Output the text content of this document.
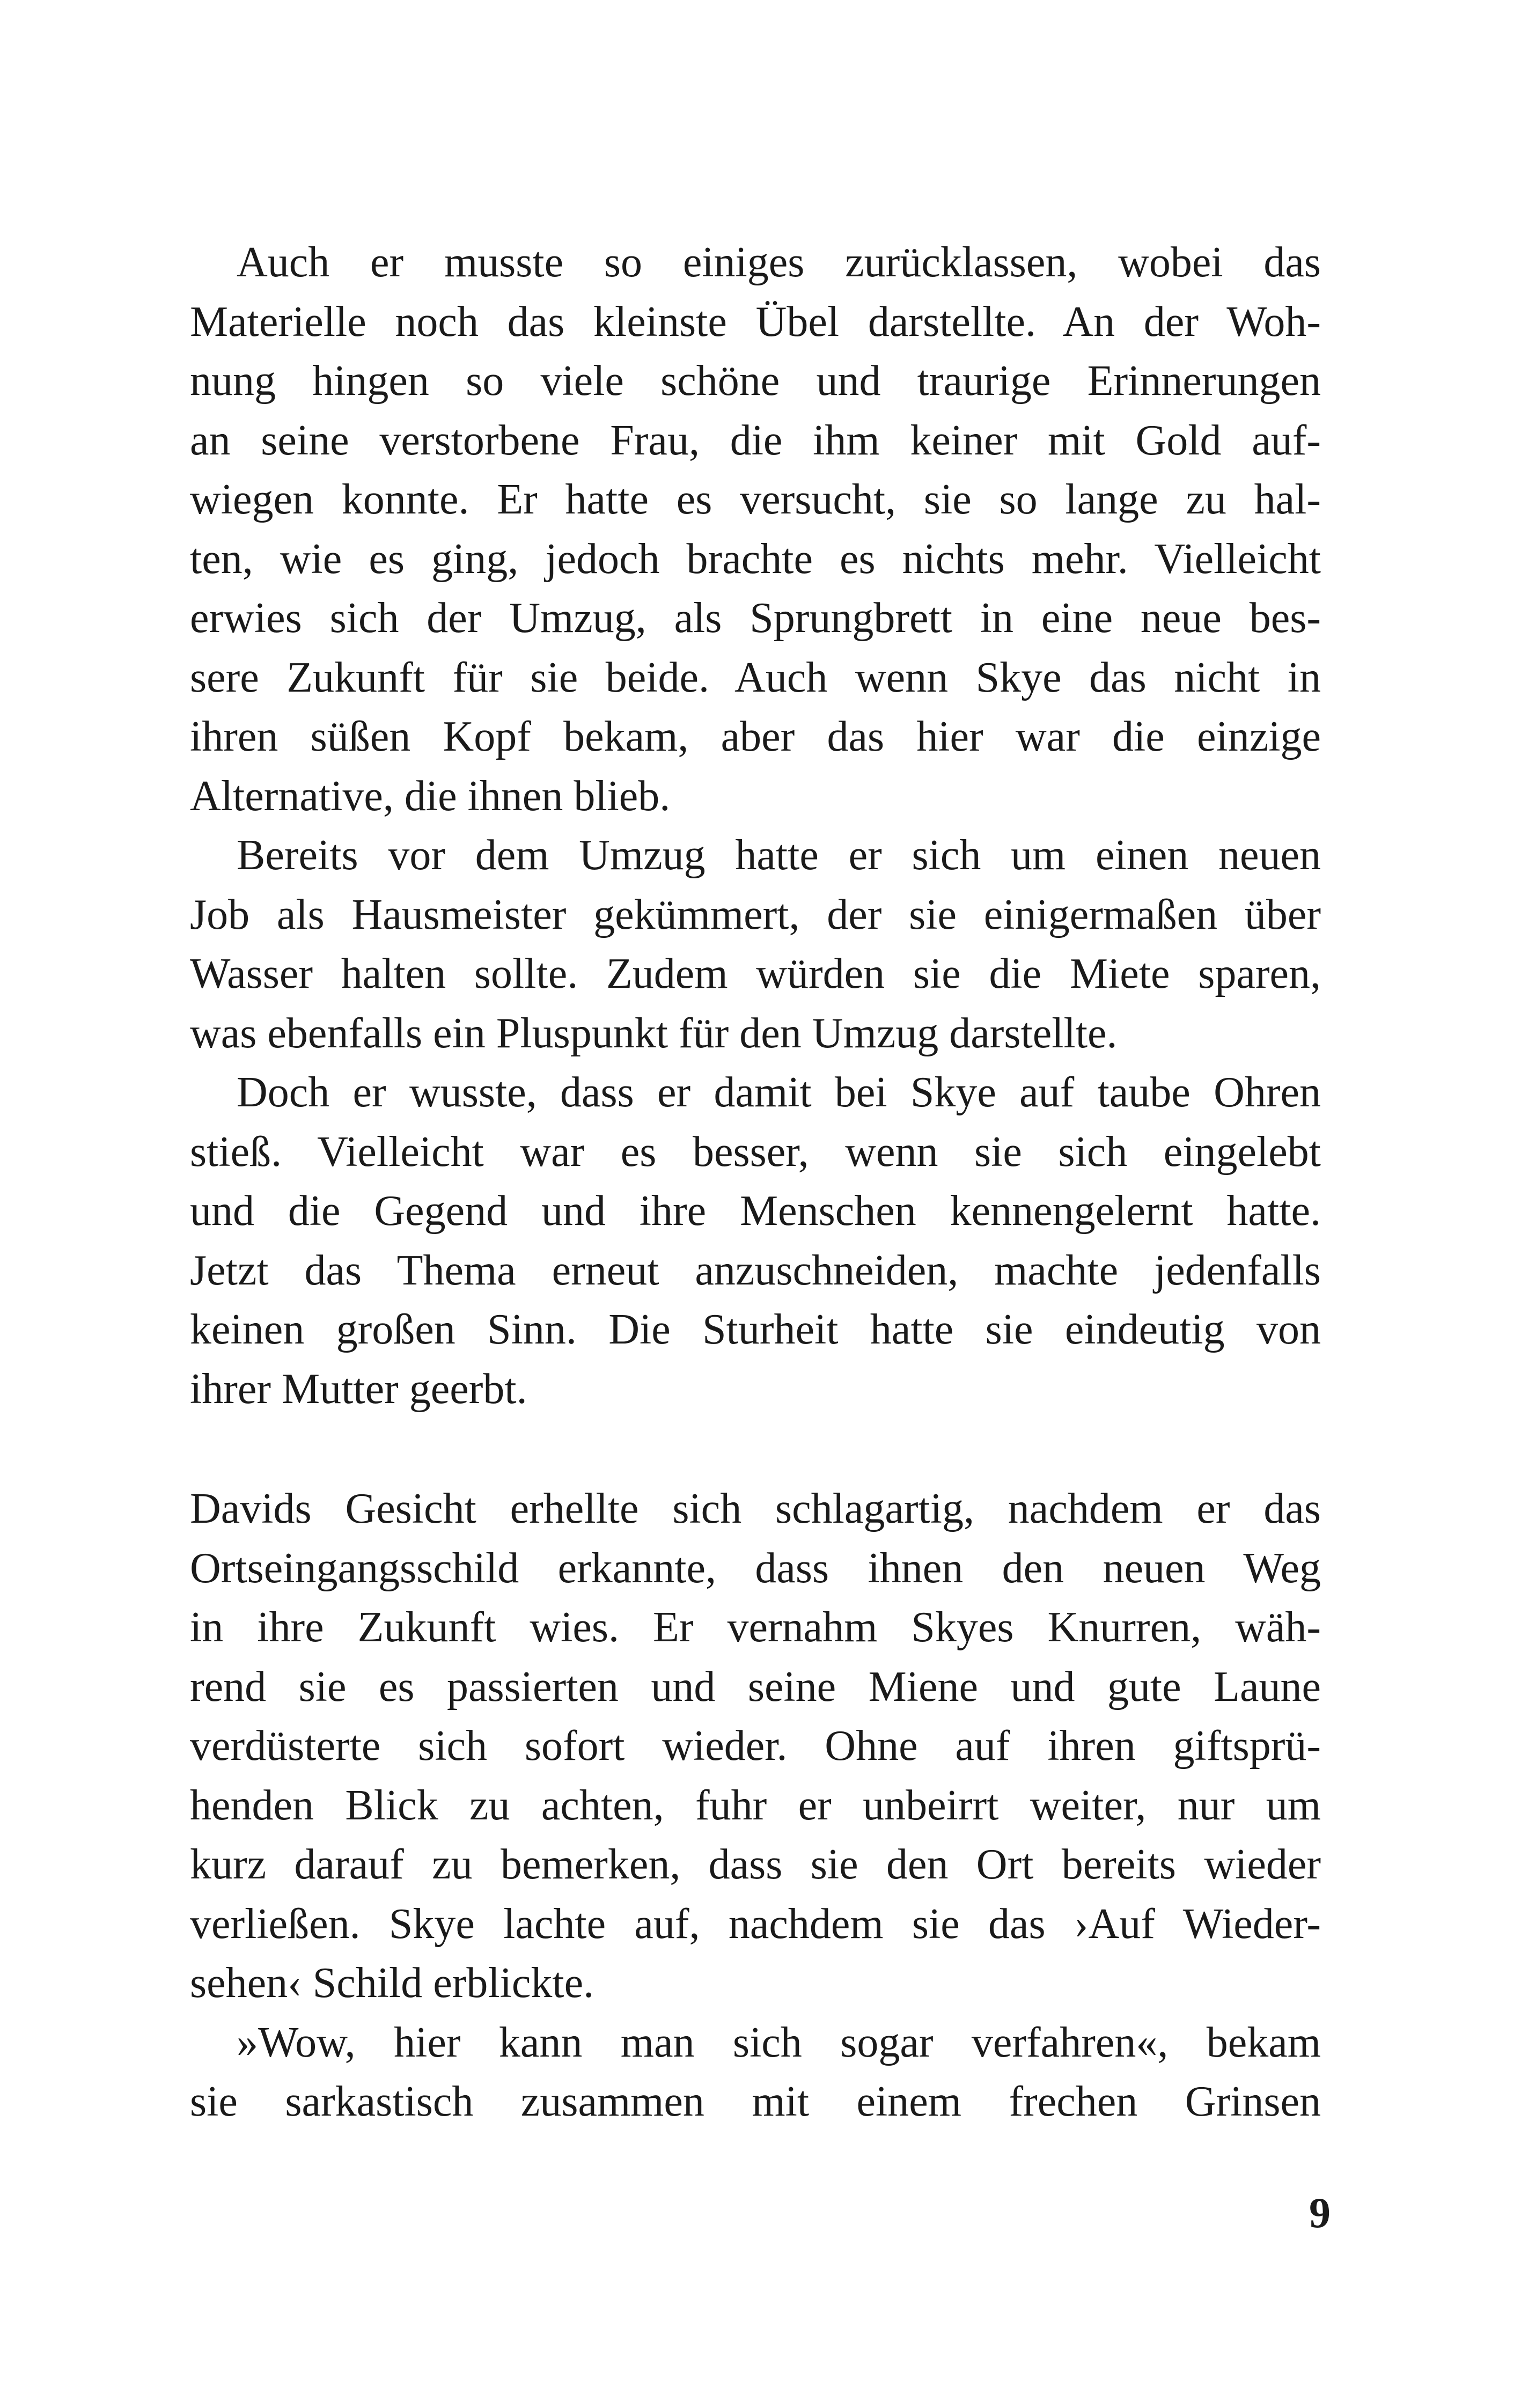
Auch er musste so einiges zurücklassen, wobei das
Materielle noch das kleinste Übel darstellte. An der Woh-
nung hingen so viele schöne und traurige Erinnerungen
an seine verstorbene Frau, die ihm keiner mit Gold auf-
wiegen konnte. Er hatte es versucht, sie so lange zu hal-
ten, wie es ging, jedoch brachte es nichts mehr. Vielleicht
erwies sich der Umzug, als Sprungbrett in eine neue bes-
sere Zukunft für sie beide. Auch wenn Skye das nicht in
ihren süßen Kopf bekam, aber das hier war die einzige
Alternative, die ihnen blieb.
Bereits vor dem Umzug hatte er sich um einen neuen
Job als Hausmeister gekümmert, der sie einigermaßen über
Wasser halten sollte. Zudem würden sie die Miete sparen,
was ebenfalls ein Pluspunkt für den Umzug darstellte.
Doch er wusste, dass er damit bei Skye auf taube Ohren
stieß. Vielleicht war es besser, wenn sie sich eingelebt
und die Gegend und ihre Menschen kennengelernt hatte.
Jetzt das Thema erneut anzuschneiden, machte jedenfalls
keinen großen Sinn. Die Sturheit hatte sie eindeutig von
ihrer Mutter geerbt.
Davids Gesicht erhellte sich schlagartig, nachdem er das
Ortseingangsschild erkannte, dass ihnen den neuen Weg
in ihre Zukunft wies. Er vernahm Skyes Knurren, wäh-
rend sie es passierten und seine Miene und gute Laune
verdüsterte sich sofort wieder. Ohne auf ihren giftsprü-
henden Blick zu achten, fuhr er unbeirrt weiter, nur um
kurz darauf zu bemerken, dass sie den Ort bereits wieder
verließen. Skye lachte auf, nachdem sie das ›Auf Wieder-
sehen‹ Schild erblickte.
»Wow, hier kann man sich sogar verfahren«, bekam
sie sarkastisch zusammen mit einem frechen Grinsen
9
